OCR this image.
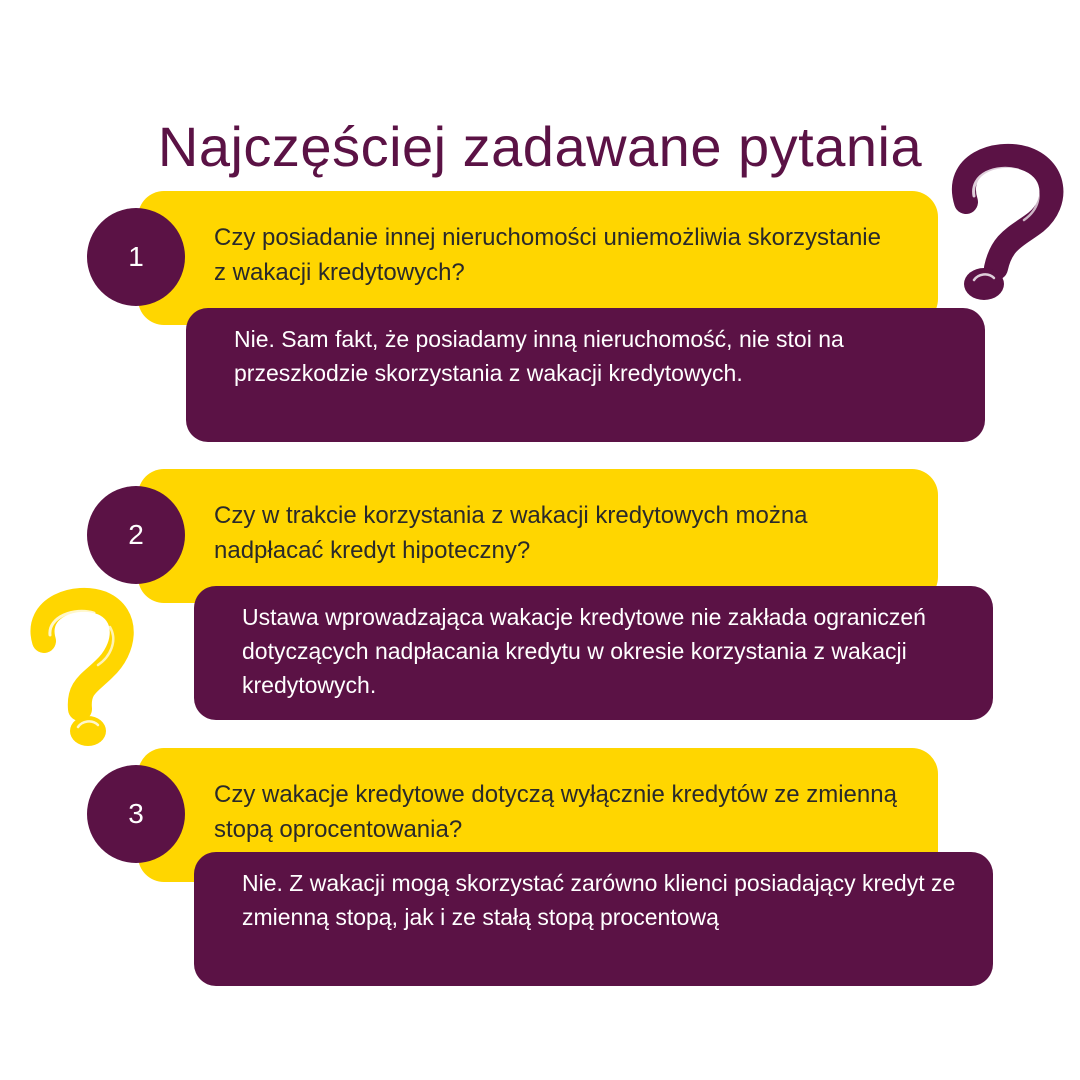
Najczęściej zadawane pytania
Czy posiadanie innej nieruchomości uniemożliwia skorzystanie z wakacji kredytowych?
1
Nie. Sam fakt, że posiadamy inną nieruchomość, nie stoi na przeszkodzie skorzystania z wakacji kredytowych.
Czy w trakcie korzystania z wakacji kredytowych można nadpłacać kredyt hipoteczny?
2
Ustawa wprowadzająca wakacje kredytowe nie zakłada ograniczeń dotyczących nadpłacania kredytu w okresie korzystania z wakacji kredytowych.
Czy wakacje kredytowe dotyczą wyłącznie kredytów ze zmienną stopą oprocentowania?
3
Nie. Z wakacji mogą skorzystać zarówno klienci posiadający kredyt ze zmienną stopą, jak i ze stałą stopą procentową
